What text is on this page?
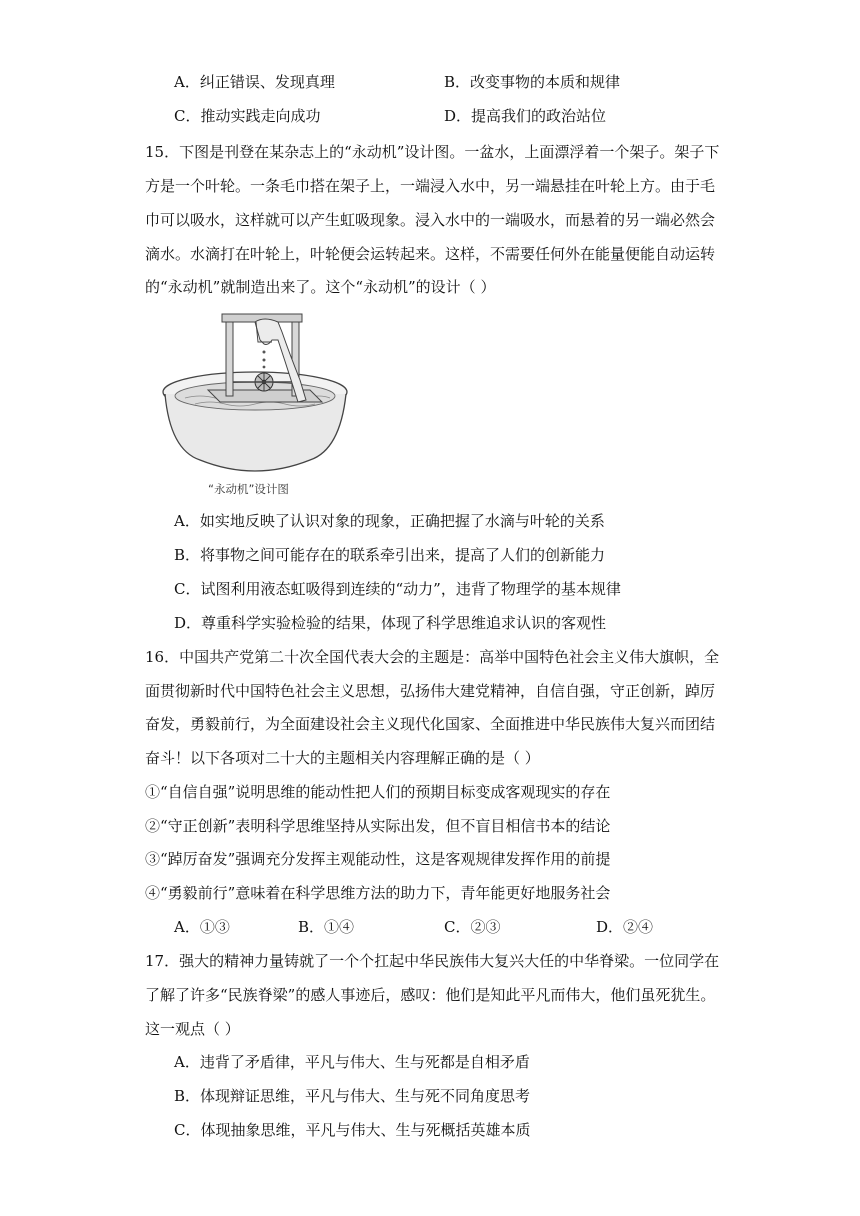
A．纠正错误、发现真理	B．改变事物的本质和规律
C．推动实践走向成功	D．提高我们的政治站位
15．下图是刊登在某杂志上的“永动机”设计图。一盆水，上面漂浮着一个架子。架子下
方是一个叶轮。一条毛巾搭在架子上，一端浸入水中，另一端悬挂在叶轮上方。由于毛
巾可以吸水，这样就可以产生虹吸现象。浸入水中的一端吸水，而悬着的另一端必然会
滴水。水滴打在叶轮上，叶轮便会运转起来。这样，不需要任何外在能量便能自动运转
的“永动机”就制造出来了。这个“永动机”的设计（ ）
“永动机”设计图
A．如实地反映了认识对象的现象，正确把握了水滴与叶轮的关系
B．将事物之间可能存在的联系牵引出来，提高了人们的创新能力
C．试图利用液态虹吸得到连续的“动力”，违背了物理学的基本规律
D．尊重科学实验检验的结果，体现了科学思维追求认识的客观性
16．中国共产党第二十次全国代表大会的主题是：高举中国特色社会主义伟大旗帜，全
面贯彻新时代中国特色社会主义思想，弘扬伟大建党精神，自信自强，守正创新，踔厉
奋发，勇毅前行，为全面建设社会主义现代化国家、全面推进中华民族伟大复兴而团结
奋斗！以下各项对二十大的主题相关内容理解正确的是（ ）
①“自信自强”说明思维的能动性把人们的预期目标变成客观现实的存在
②“守正创新”表明科学思维坚持从实际出发，但不盲目相信书本的结论
③“踔厉奋发”强调充分发挥主观能动性，这是客观规律发挥作用的前提
④“勇毅前行”意味着在科学思维方法的助力下，青年能更好地服务社会
A．①③	B．①④	C．②③	D．②④
17．强大的精神力量铸就了一个个扛起中华民族伟大复兴大任的中华脊梁。一位同学在
了解了许多“民族脊梁”的感人事迹后，感叹：他们是知此平凡而伟大，他们虽死犹生。
这一观点（ ）
A．违背了矛盾律，平凡与伟大、生与死都是自相矛盾
B．体现辩证思维，平凡与伟大、生与死不同角度思考
C．体现抽象思维，平凡与伟大、生与死概括英雄本质
